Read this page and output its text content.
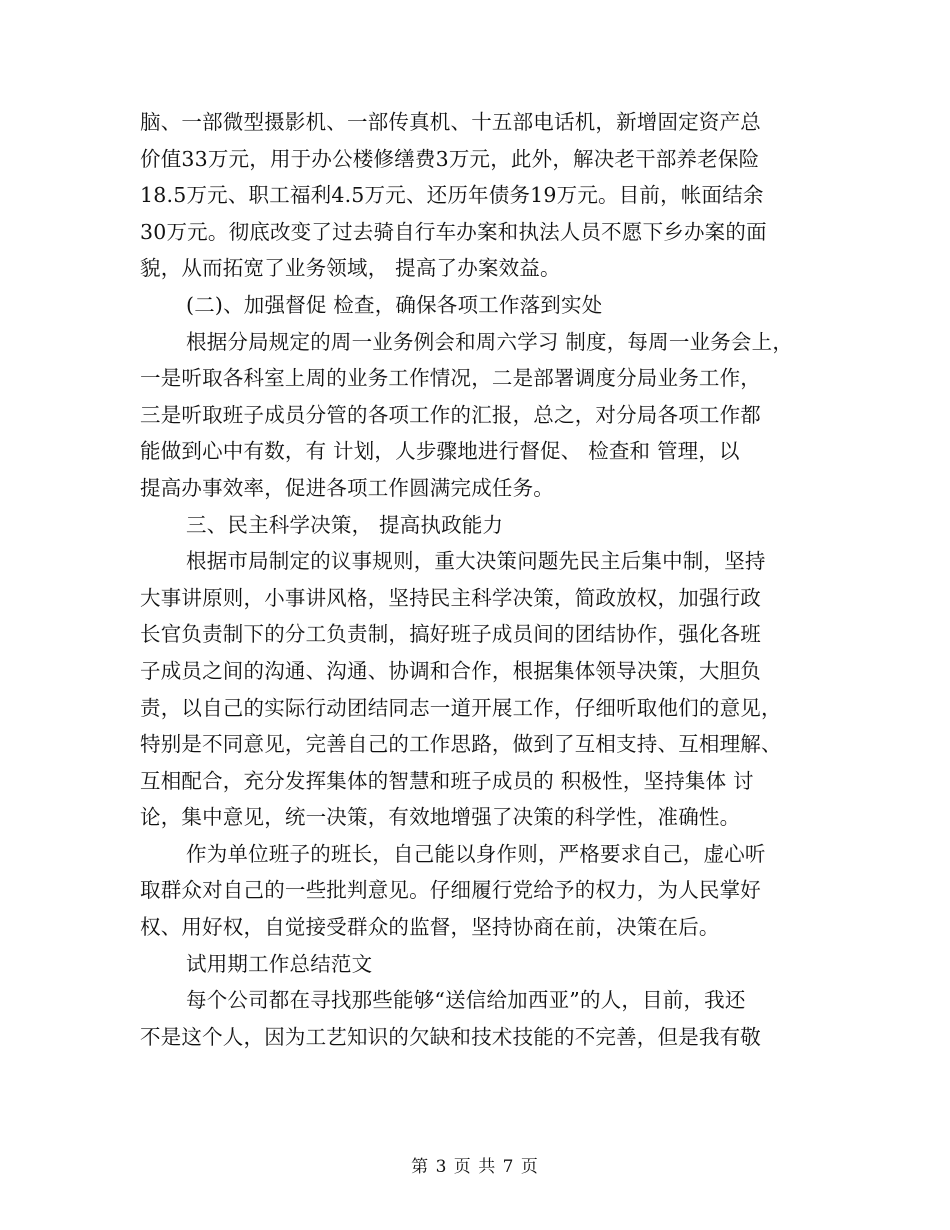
脑、一部微型摄影机、一部传真机、十五部电话机，新增固定资产总
价值33万元，用于办公楼修缮费3万元，此外，解决老干部养老保险
18.5万元、职工福利4.5万元、还历年债务19万元。目前，帐面结余
30万元。彻底改变了过去骑自行车办案和执法人员不愿下乡办案的面
貌，从而拓宽了业务领域， 提高了办案效益。
(二)、加强督促 检查，确保各项工作落到实处
根据分局规定的周一业务例会和周六学习 制度，每周一业务会上，
一是听取各科室上周的业务工作情况，二是部署调度分局业务工作，
三是听取班子成员分管的各项工作的汇报，总之，对分局各项工作都
能做到心中有数，有 计划，人步骤地进行督促、 检查和 管理，以
提高办事效率，促进各项工作圆满完成任务。
三、民主科学决策， 提高执政能力
根据市局制定的议事规则，重大决策问题先民主后集中制，坚持
大事讲原则，小事讲风格，坚持民主科学决策，简政放权，加强行政
长官负责制下的分工负责制，搞好班子成员间的团结协作，强化各班
子成员之间的沟通、沟通、协调和合作，根据集体领导决策，大胆负
责，以自己的实际行动团结同志一道开展工作，仔细听取他们的意见，
特别是不同意见，完善自己的工作思路，做到了互相支持、互相理解、
互相配合，充分发挥集体的智慧和班子成员的 积极性，坚持集体 讨
论，集中意见，统一决策，有效地增强了决策的科学性，准确性。
作为单位班子的班长，自己能以身作则，严格要求自己，虚心听
取群众对自己的一些批判意见。仔细履行党给予的权力，为人民掌好
权、用好权，自觉接受群众的监督，坚持协商在前，决策在后。
试用期工作总结范文
每个公司都在寻找那些能够“送信给加西亚”的人，目前，我还
不是这个人，因为工艺知识的欠缺和技术技能的不完善，但是我有敬
第 3 页 共 7 页
